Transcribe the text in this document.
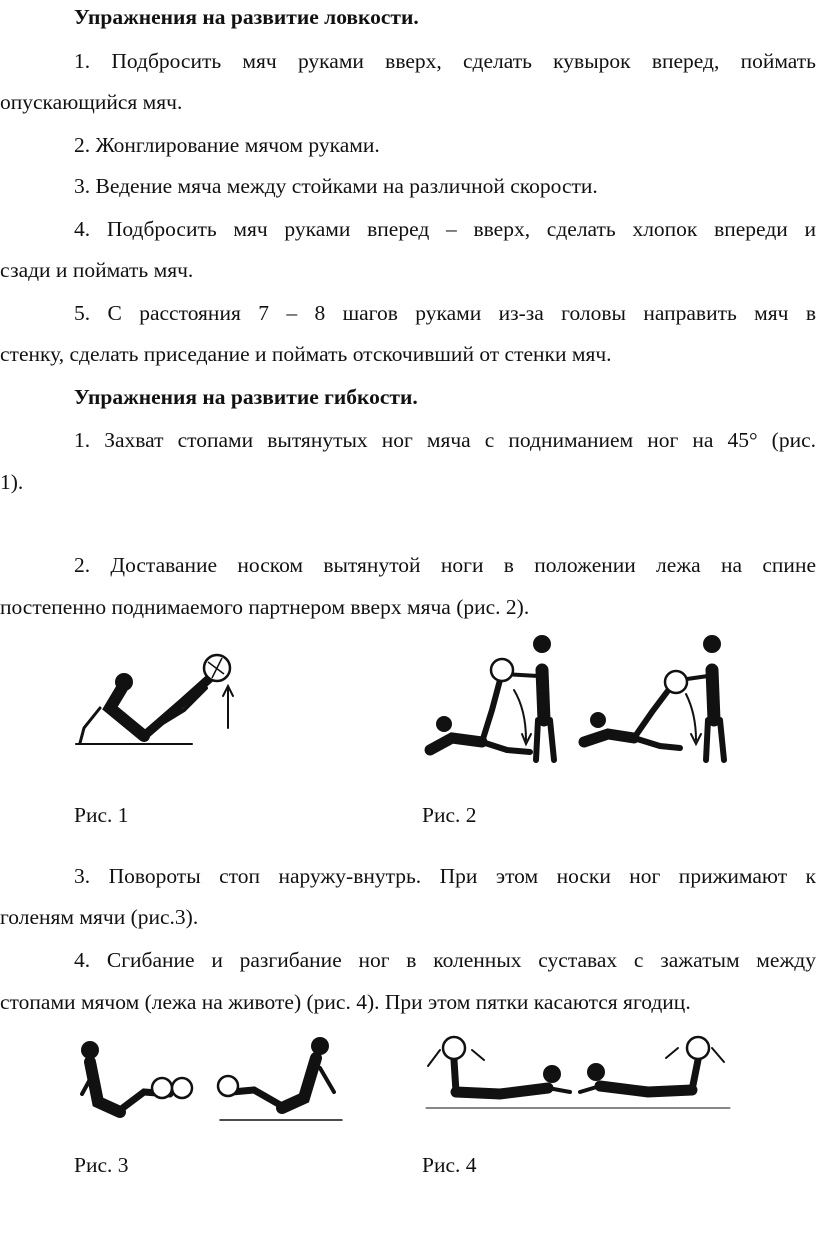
Упражнения на развитие ловкости.
1. Подбросить мяч руками вверх, сделать кувырок вперед, поймать
опускающийся мяч.
2. Жонглирование мячом руками.
3. Ведение мяча между стойками на различной скорости.
4. Подбросить мяч руками вперед – вверх, сделать хлопок впереди и
сзади и поймать мяч.
5. С расстояния 7 – 8 шагов руками из-за головы направить мяч в
стенку, сделать приседание и поймать отскочивший от стенки мяч.
Упражнения на развитие гибкости.
1. Захват стопами вытянутых ног мяча с подниманием ног на 45° (рис.
1).
2. Доставание носком вытянутой ноги в положении лежа на спине
постепенно поднимаемого партнером вверх мяча (рис. 2).
Рис. 1	Рис. 2
3. Повороты стоп наружу-внутрь. При этом носки ног прижимают к
голеням мячи (рис.3).
4. Сгибание и разгибание ног в коленных суставах с зажатым между
стопами мячом (лежа на животе) (рис. 4). При этом пятки касаются ягодиц.
Рис. 3	Рис. 4
